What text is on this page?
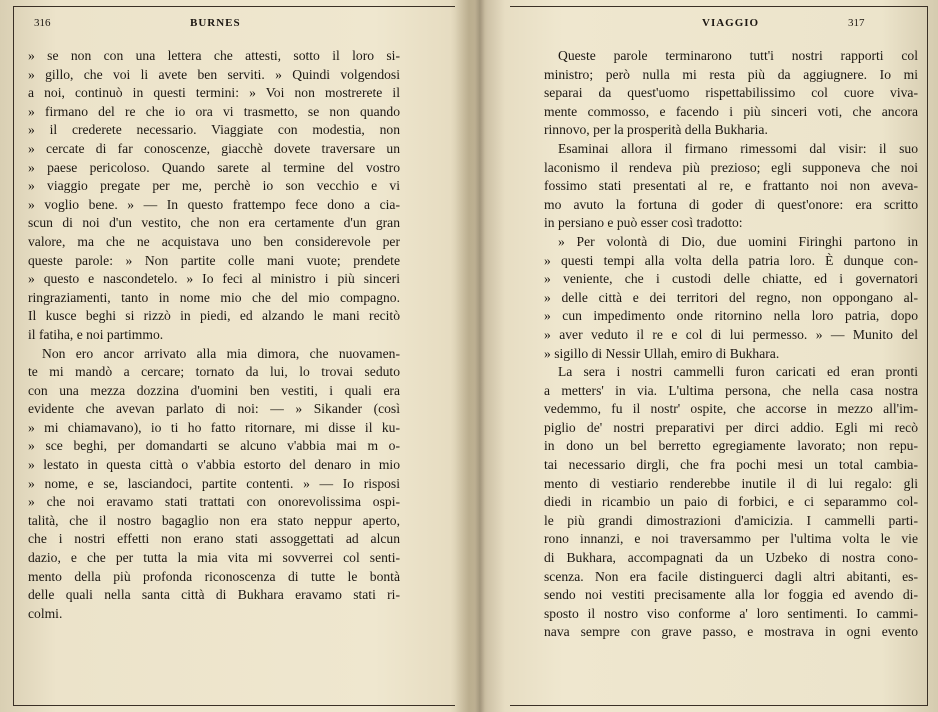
316	BURNES
» se non con una lettera che attesti, sotto il loro si-
» gillo, che voi li avete ben serviti. » Quindi volgendosi
a noi, continuò in questi termini: » Voi non mostrerete il
» firmano del re che io ora vi trasmetto, se non quando
» il crederete necessario. Viaggiate con modestia, non
» cercate di far conoscenze, giacchè dovete traversare un
» paese pericoloso. Quando sarete al termine del vostro
» viaggio pregate per me, perchè io son vecchio e vi
» voglio bene. » — In questo frattempo fece dono a cia-
scun di noi d'un vestito, che non era certamente d'un gran
valore, ma che ne acquistava uno ben considerevole per
queste parole: » Non partite colle mani vuote; prendete
» questo e nascondetelo. » Io feci al ministro i più sinceri
ringraziamenti, tanto in nome mio che del mio compagno.
Il kusce beghi si rizzò in piedi, ed alzando le mani recitò
il fatiha, e noi partimmo.
Non ero ancor arrivato alla mia dimora, che nuovamen-
te mi mandò a cercare; tornato da lui, lo trovai seduto
con una mezza dozzina d'uomini ben vestiti, i quali era
evidente che avevan parlato di noi: — » Sikander (così
» mi chiamavano), io ti ho fatto ritornare, mi disse il ku-
» sce beghi, per domandarti se alcuno v'abbia mai m o-
» lestato in questa città o v'abbia estorto del denaro in mio
» nome, e se, lasciandoci, partite contenti. » — Io risposi
» che noi eravamo stati trattati con onorevolissima ospi-
talità, che il nostro bagaglio non era stato neppur aperto,
che i nostri effetti non erano stati assoggettati ad alcun
dazio, e che per tutta la mia vita mi sovverrei col senti-
mento della più profonda riconoscenza di tutte le bontà
delle quali nella santa città di Bukhara eravamo stati ri-
colmi.
VIAGGIO	317
Queste parole terminarono tutt'i nostri rapporti col
ministro; però nulla mi resta più da aggiugnere. Io mi
separai da quest'uomo rispettabilissimo col cuore viva-
mente commosso, e facendo i più sinceri voti, che ancora
rinnovo, per la prosperità della Bukharia.
Esaminai allora il firmano rimessomi dal visir: il suo
laconismo il rendeva più prezioso; egli supponeva che noi
fossimo stati presentati al re, e frattanto noi non aveva-
mo avuto la fortuna di goder di quest'onore: era scritto
in persiano e può esser così tradotto:
» Per volontà di Dio, due uomini Firinghi partono in
» questi tempi alla volta della patria loro. È dunque con-
» veniente, che i custodi delle chiatte, ed i governatori
» delle città e dei territori del regno, non oppongano al-
» cun impedimento onde ritornino nella loro patria, dopo
» aver veduto il re e col di lui permesso. » — Munito del
» sigillo di Nessir Ullah, emiro di Bukhara.
La sera i nostri cammelli furon caricati ed eran pronti
a metters' in via. L'ultima persona, che nella casa nostra
vedemmo, fu il nostr' ospite, che accorse in mezzo all'im-
piglio de' nostri preparativi per dirci addio. Egli mi recò
in dono un bel berretto egregiamente lavorato; non repu-
tai necessario dirgli, che fra pochi mesi un total cambia-
mento di vestiario renderebbe inutile il di lui regalo: gli
diedi in ricambio un paio di forbici, e ci separammo col-
le più grandi dimostrazioni d'amicizia. I cammelli parti-
rono innanzi, e noi traversammo per l'ultima volta le vie
di Bukhara, accompagnati da un Uzbeko di nostra cono-
scenza. Non era facile distinguerci dagli altri abitanti, es-
sendo noi vestiti precisamente alla lor foggia ed avendo di-
sposto il nostro viso conforme a' loro sentimenti. Io cammi-
nava sempre con grave passo, e mostrava in ogni evento
